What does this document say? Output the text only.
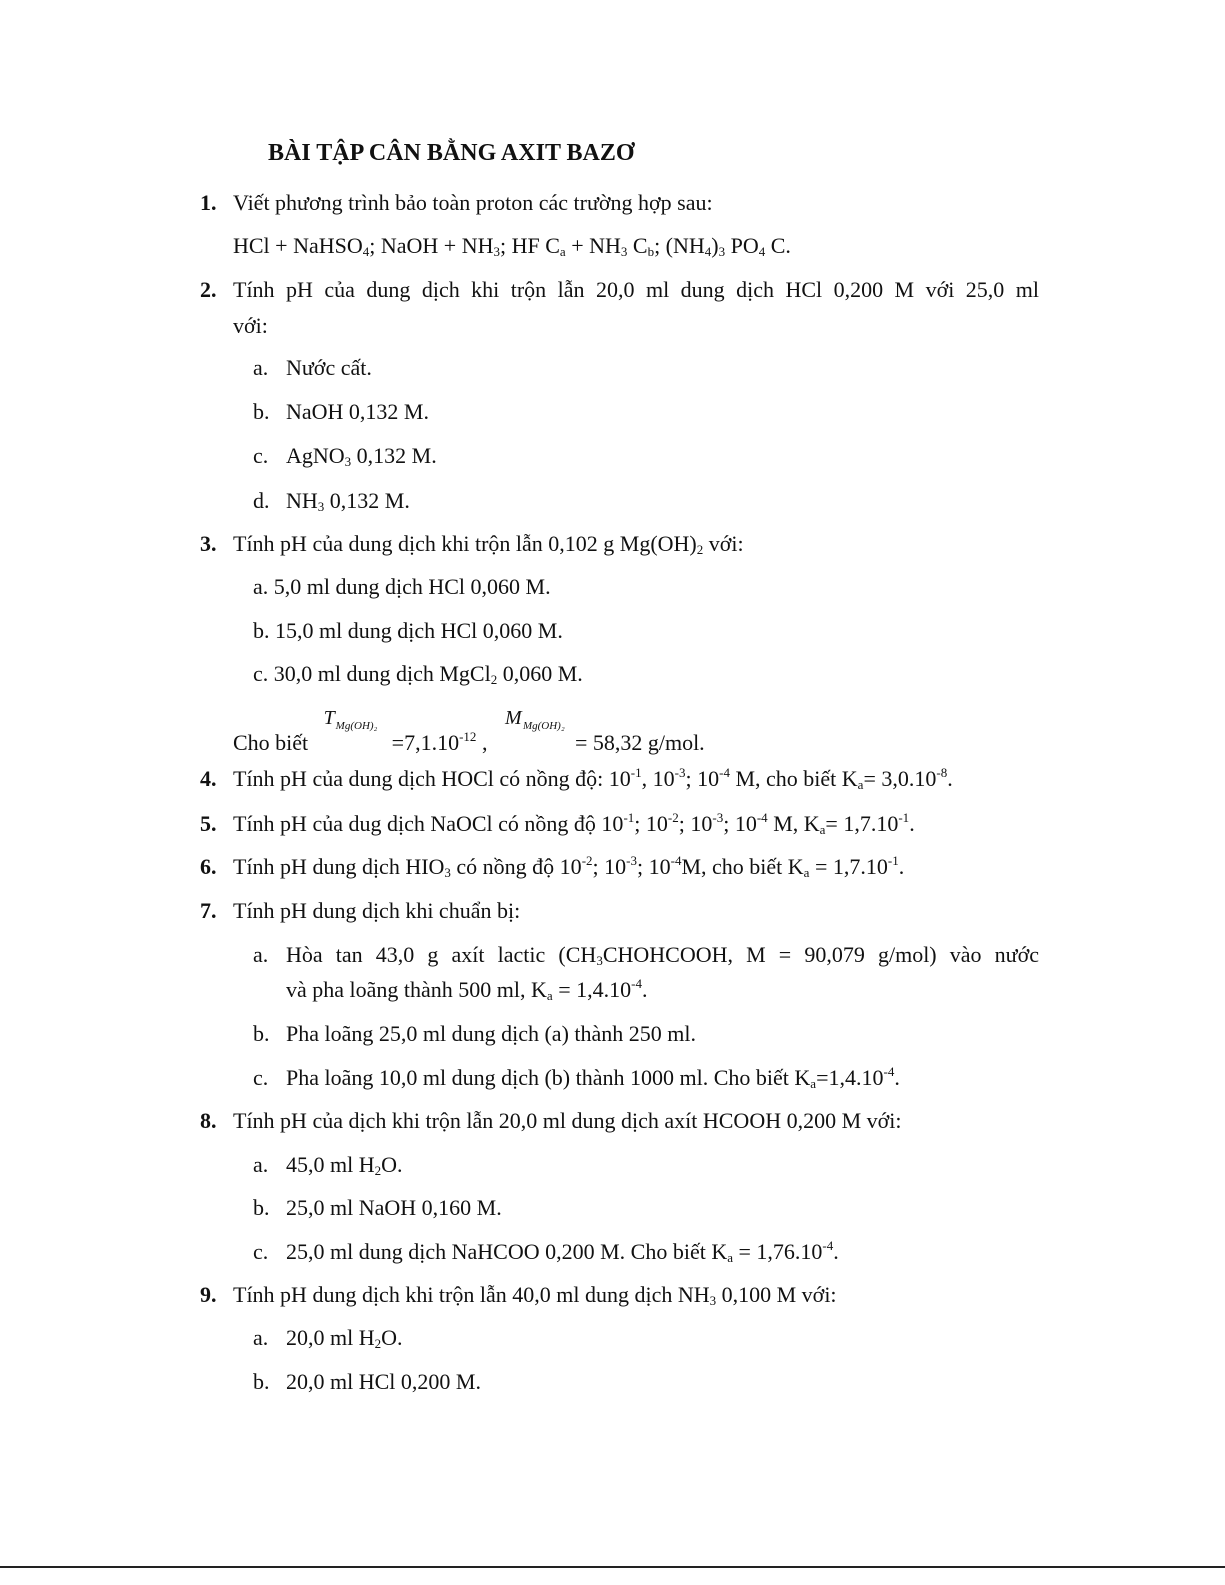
BÀI TẬP CÂN BẰNG AXIT BAZƠ
1. Viết phương trình bảo toàn proton các trường hợp sau:
HCl + NaHSO$_4$; NaOH + $NH_3$; HF $C_a + NH_3$ $C_b$; $(NH_4)_3$ $PO_4$ C.
2. Tính pH của dung dịch khi trộn lẫn 20,0 ml dung dịch HCl 0,200 M với 25,0 ml
với:
a. Nước cất.
b. NaOH 0,132 M.
c. AgNO$_3$ 0,132 M.
d. $NH_3$ 0,132 M.
3. Tính pH của dung dịch khi trộn lẫn 0,102 g $Mg(OH)_2$ với:
a. 5,0 ml dung dịch HCl 0,060 M.
b. 15,0 ml dung dịch HCl 0,060 M.
c. 30,0 ml dung dịch MgCl$_2$ 0,060 M.
Cho biết
T Mg(OH)₂
$=7,1.10^{-12}$ ,
M Mg(OH)₂
= 58,32 g/mol.
4. Tính pH của dung dịch HOCl có nồng độ: $10^{-1}$, $10^{-3}$; $10^{-4}$ M, cho biết $K_a= 3,0.10^{-8}$.
5. Tính pH của dug dịch NaOCl có nồng độ $10^{-1}$; $10^{-2}$; $10^{-3}$; $10^{-4}$ M, $K_a= 1,7.10^{-1}$.
6. Tính pH dung dịch $HIO_3$ có nồng độ $10^{-2}$; $10^{-3}$; $10^{-4}M$, cho biết $K_a = 1,7.10^{-1}$.
7. Tính pH dung dịch khi chuẩn bị:
a. Hòa tan 43,0 g axít lactic ($CH_3CHOHCOOH$, M = 90,079 g/mol) vào nước
và pha loãng thành 500 ml, $K_a = 1,4.10^{-4}$.
b. Pha loãng 25,0 ml dung dịch (a) thành 250 ml.
c. Pha loãng 10,0 ml dung dịch (b) thành 1000 ml. Cho biết $K_a=1,4.10^{-4}$.
8. Tính pH của dịch khi trộn lẫn 20,0 ml dung dịch axít HCOOH 0,200 M với:
a. 45,0 ml $H_2O$.
b. 25,0 ml NaOH 0,160 M.
c. 25,0 ml dung dịch NaHCOO 0,200 M. Cho biết $K_a = 1,76.10^{-4}$.
9. Tính pH dung dịch khi trộn lẫn 40,0 ml dung dịch $NH_3$ 0,100 M với:
a. 20,0 ml $H_2O$.
b. 20,0 ml HCl 0,200 M.
